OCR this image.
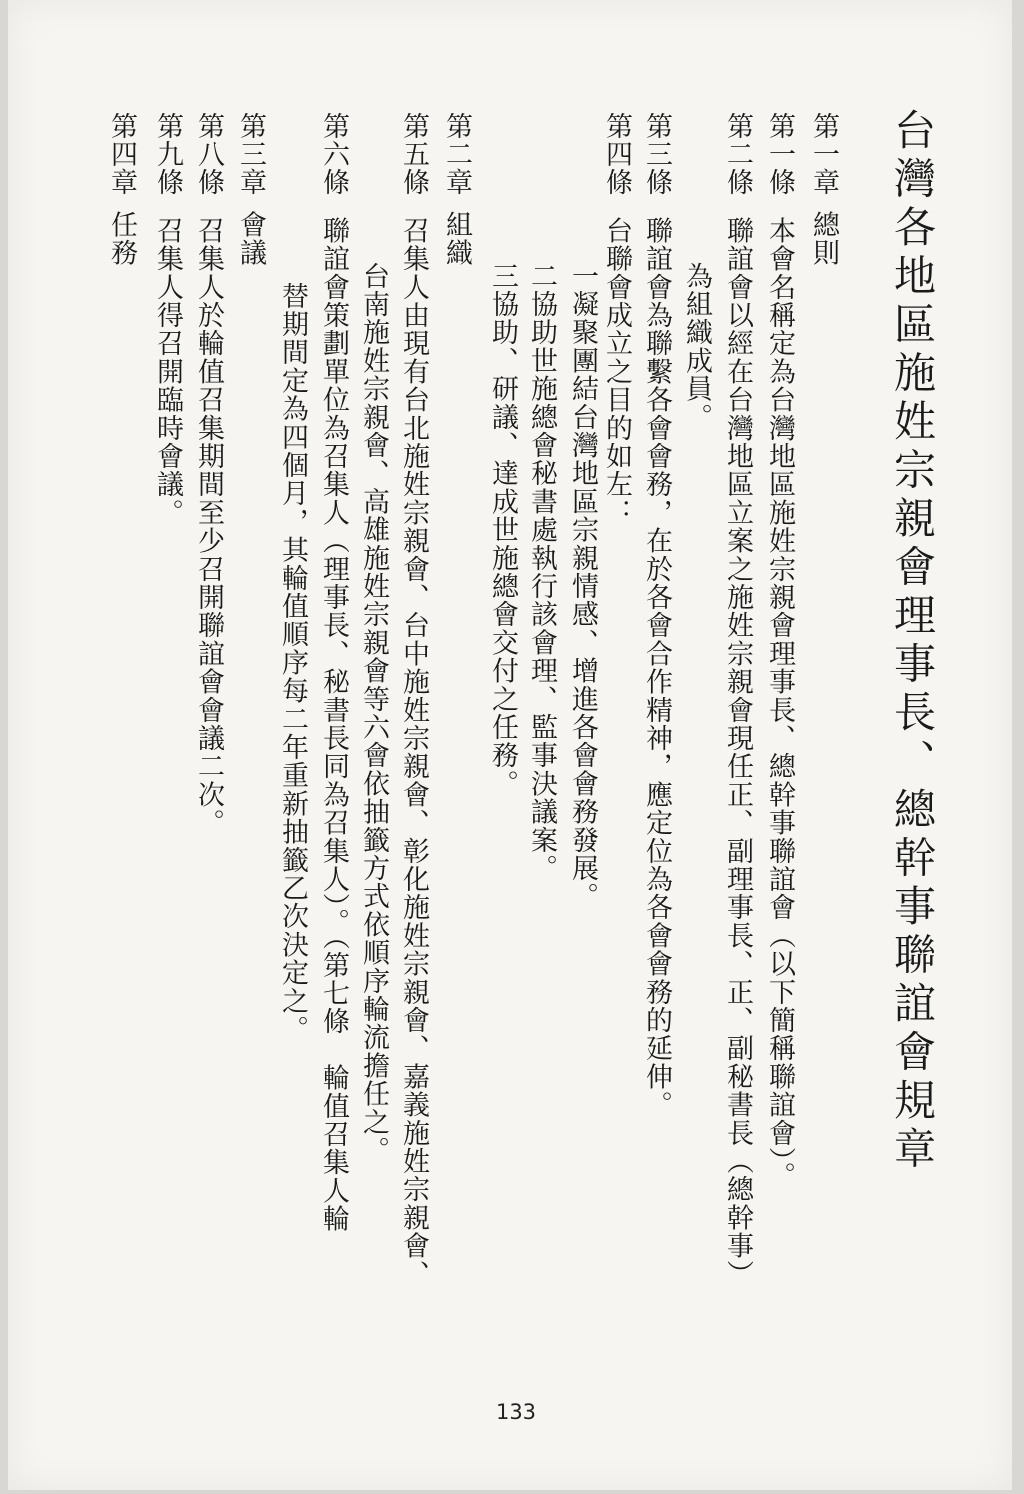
台灣各地區施姓宗親會理事長、總幹事聯誼會規章
第一章總則
第一條本會名稱定為台灣地區施姓宗親會理事長、總幹事聯誼會（以下簡稱聯誼會）。
第二條聯誼會以經在台灣地區立案之施姓宗親會現任正、副理事長、正、副秘書長（總幹事）
為組織成員。
第三條聯誼會為聯繫各會會務，在於各會合作精神，應定位為各會會務的延伸。
第四條台聯會成立之目的如左：
一凝聚團結台灣地區宗親情感、增進各會會務發展。
二協助世施總會秘書處執行該會理、監事決議案。
三協助、研議、達成世施總會交付之任務。
第二章組織
第五條召集人由現有台北施姓宗親會、台中施姓宗親會、彰化施姓宗親會、嘉義施姓宗親會、
台南施姓宗親會、高雄施姓宗親會等六會依抽籤方式依順序輪流擔任之。
第六條聯誼會策劃單位為召集人（理事長、秘書長同為召集人）。（第七條　輪值召集人輪
替期間定為四個月，其輪值順序每二年重新抽籤乙次決定之。
第三章會議
第八條召集人於輪值召集期間至少召開聯誼會會議二次。
第九條召集人得召開臨時會議。
第四章任務
133
